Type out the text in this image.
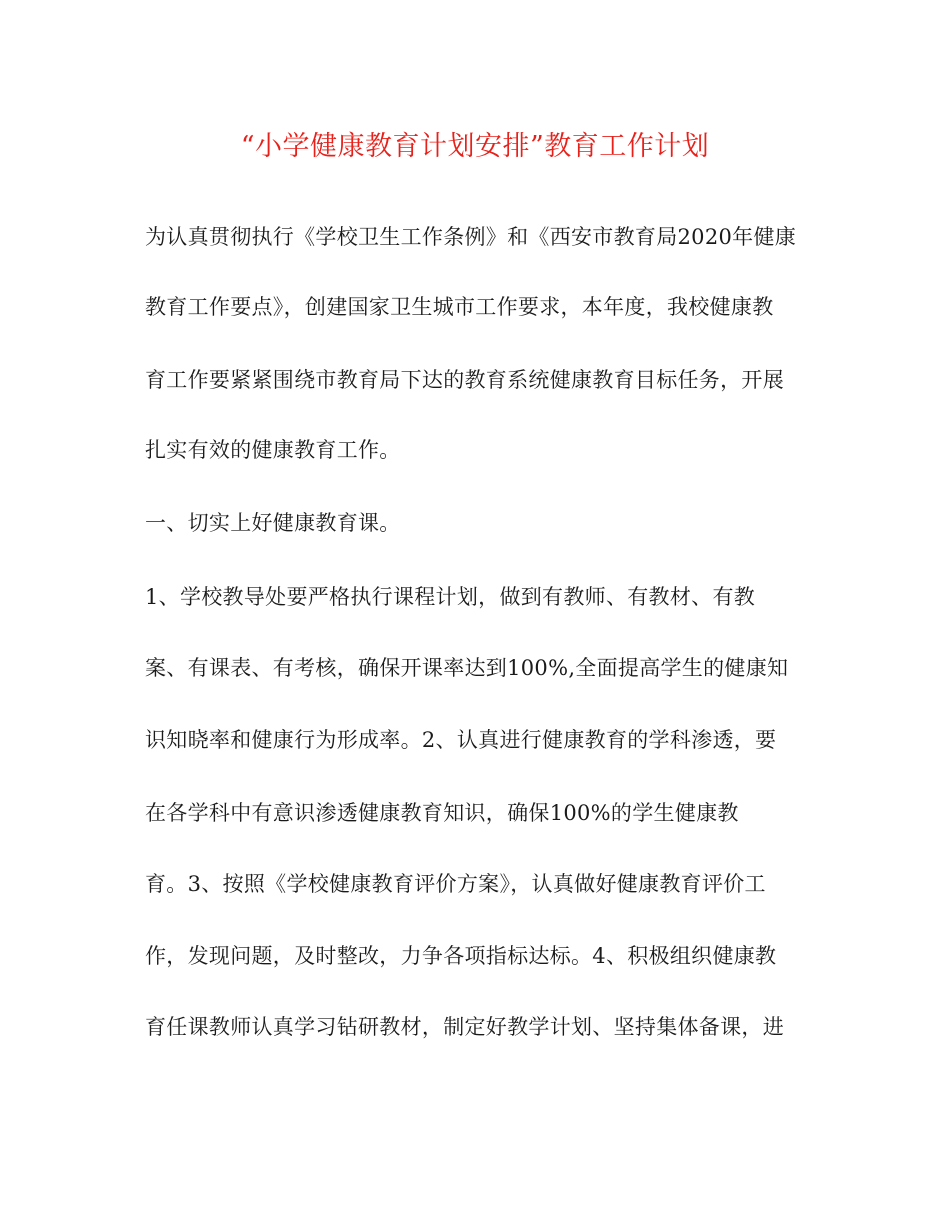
“小学健康教育计划安排”教育工作计划
为认真贯彻执行《学校卫生工作条例》和《西安市教育局2020年健康
教育工作要点》，创建国家卫生城市工作要求，本年度，我校健康教
育工作要紧紧围绕市教育局下达的教育系统健康教育目标任务，开展
扎实有效的健康教育工作。
一、切实上好健康教育课。
1、学校教导处要严格执行课程计划，做到有教师、有教材、有教
案、有课表、有考核，确保开课率达到100%,全面提高学生的健康知
识知晓率和健康行为形成率。2、认真进行健康教育的学科渗透，要
在各学科中有意识渗透健康教育知识，确保100%的学生健康教
育。3、按照《学校健康教育评价方案》，认真做好健康教育评价工
作，发现问题，及时整改，力争各项指标达标。4、积极组织健康教
育任课教师认真学习钻研教材，制定好教学计划、坚持集体备课，进
